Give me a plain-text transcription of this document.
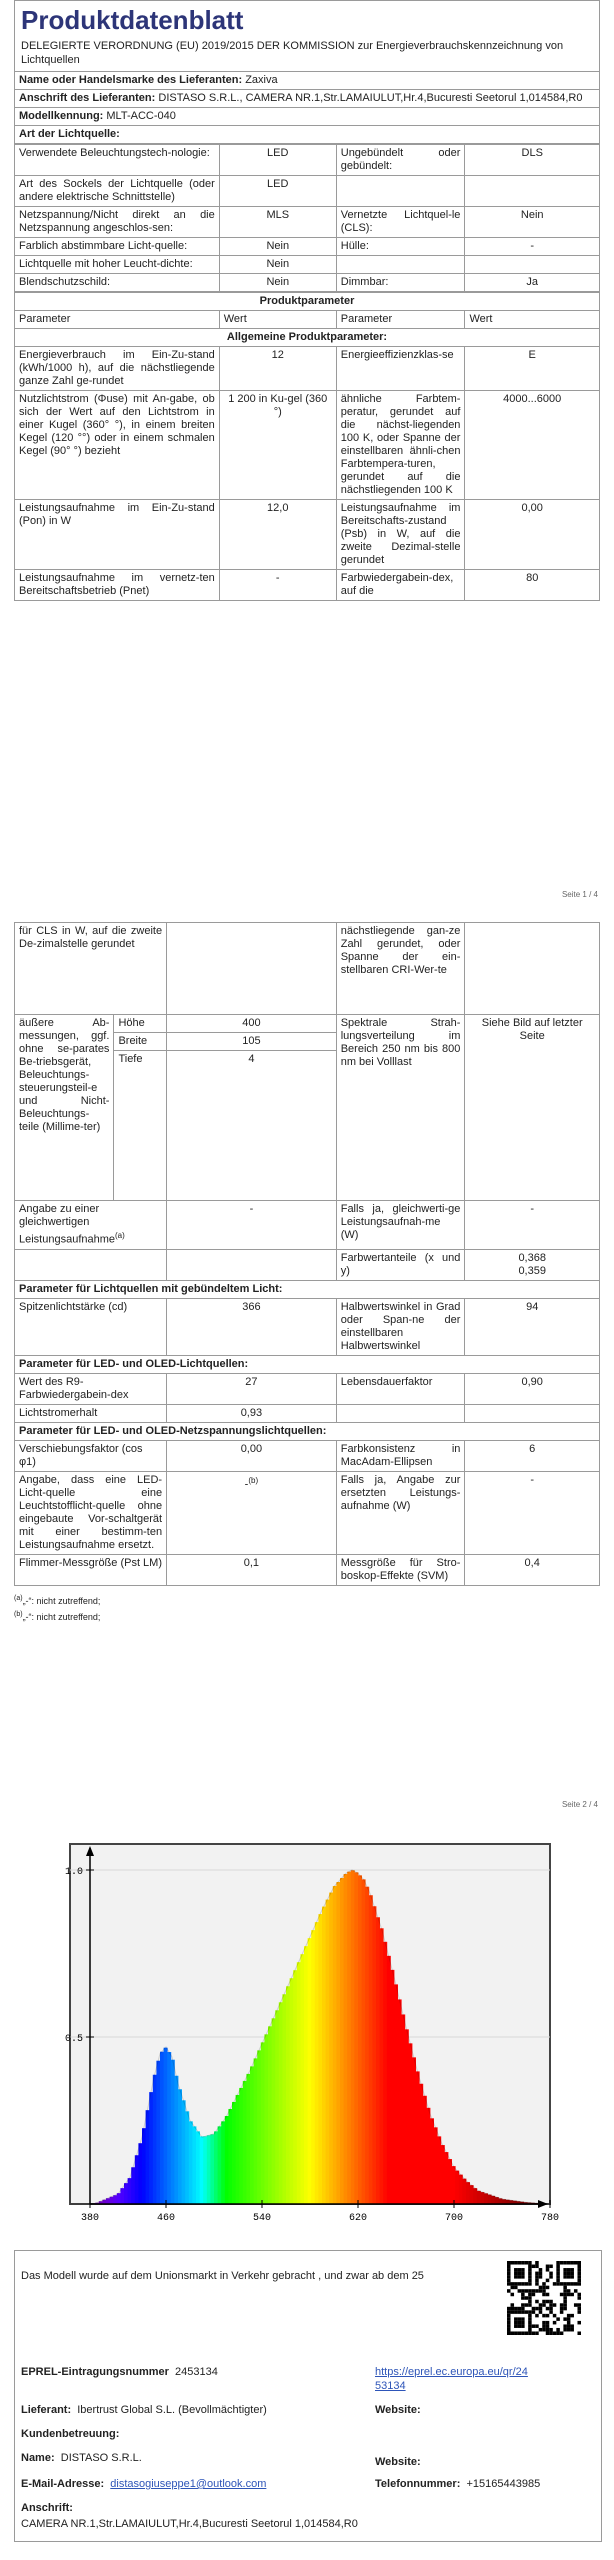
Produktdatenblatt
DELEGIERTE VERORDNUNG (EU) 2019/2015 DER KOMMISSION zur Energieverbrauchskennzeichnung von Lichtquellen
Name oder Handelsmarke des Lieferanten: Zaxiva
Anschrift des Lieferanten: DISTASO S.R.L., CAMERA NR.1,Str.LAMAIULUT,Hr.4,Bucuresti Seetorul 1,014584,R0
Modellkennung: MLT-ACC-040
Art der Lichtquelle:
Verwendete Beleuchtungstech-nologie:	LED	Ungebündelt oder gebündelt:	DLS
Art des Sockels der Lichtquelle (oder andere elektrische Schnittstelle)	LED		
Netzspannung/Nicht direkt an die Netzspannung angeschlos-sen:	MLS	Vernetzte Lichtquel-le (CLS):	Nein
Farblich abstimmbare Licht-quelle:	Nein	Hülle:	-
Lichtquelle mit hoher Leucht-dichte:	Nein		
Blendschutzschild:	Nein	Dimmbar:	Ja
Produktparameter			
Parameter	Wert	Parameter	Wert
Allgemeine Produktparameter:			
Energieverbrauch im Ein-Zu-stand (kWh/1000 h), auf die nächstliegende ganze Zahl ge-rundet	12	Energieeffizienzklas-se	E
Nutzlichtstrom (Φuse) mit An-gabe, ob sich der Wert auf den Lichtstrom in einer Kugel (360° °), in einem breiten Kegel (120 °°) oder in einem schmalen Kegel (90° °) bezieht	1 200 in Ku-gel (360 °)	ähnliche Farbtem-peratur, gerundet auf die nächst-liegenden 100 K, oder Spanne der einstellbaren ähnli-chen Farbtempera-turen, gerundet auf die nächstliegenden 100 K	4000...6000
Leistungsaufnahme im Ein-Zu-stand (Pon) in W	12,0	Leistungsaufnahme im Bereitschafts-zustand (Psb) in W, auf die zweite Dezimal-stelle gerundet	0,00
Leistungsaufnahme im vernetz-ten Bereitschaftsbetrieb (Pnet)	-	Farbwiedergabein-dex, auf die	80
Seite 1 / 4
für CLS in W, auf die zweite De-zimalstelle gerundet			nächstliegende gan-ze Zahl gerundet, oder Spanne der ein-stellbaren CRI-Wer-te	
äußere Ab-messungen, ggf. ohne se-parates Be-triebsgerät, Beleuchtungs-steuerungsteil-e und Nicht-Beleuchtungs-teile (Millime-ter)	Höhe	400	Spektrale Strah-lungsverteilung im Bereich 250 nm bis 800 nm bei Volllast	Siehe Bild auf letzter Seite
	Breite	105		
	Tiefe	4		
Angabe zu einer gleichwertigen Leistungsaufnahme$^{(a)}$		-	Falls ja, gleichwerti-ge Leistungsaufnah-me (W)	-
			Farbwertanteile (x und y)	0,368
0,359

Parameter für Lichtquellen mit gebündeltem Licht:				
Spitzenlichtstärke (cd)		366	Halbwertswinkel in Grad oder Span-ne der einstellbaren Halbwertswinkel	94
Parameter für LED- und OLED-Lichtquellen:				
Wert des R9-Farbwiedergabein-dex		27	Lebensdauerfaktor	0,90
Lichtstromerhalt		0,93		
Parameter für LED- und OLED-Netzspannungslichtquellen:				
Verschiebungsfaktor (cos φ1)		0,00	Farbkonsistenz in MacAdam-Ellipsen	6
Angabe, dass eine LED-Licht-quelle eine Leuchtstofflicht-quelle ohne eingebaute Vor-schaltgerät mit einer bestimm-ten Leistungsaufnahme ersetzt.		-$^{(b)}$	Falls ja, Angabe zur ersetzten Leistungs-aufnahme (W)	-
Flimmer-Messgröße (Pst LM)		0,1	Messgröße für Stro-boskop-Effekte (SVM)	0,4
$^{(a)}$„-“: nicht zutreffend;
$^{(b)}$„-“: nicht zutreffend;
Seite 2 / 4
0.5
1.0
380	460	540	620	700	780
Das Modell wurde auf dem Unionsmarkt in Verkehr gebracht , und zwar ab dem 25
EPREL-Eintragungsnummer 2453134	https://eprel.ec.europa.eu/qr/24
53134
Lieferant: Ibertrust Global S.L. (Bevollmächtigter)	Website:
Kundenbetreuung:
Name: DISTASO S.R.L.	Website:
E-Mail-Adresse: distasogiuseppe1@outlook.com	Telefonnummer: +15165443985
Anschrift:
CAMERA NR.1,Str.LAMAIULUT,Hr.4,Bucuresti Seetorul 1,014584,R0
